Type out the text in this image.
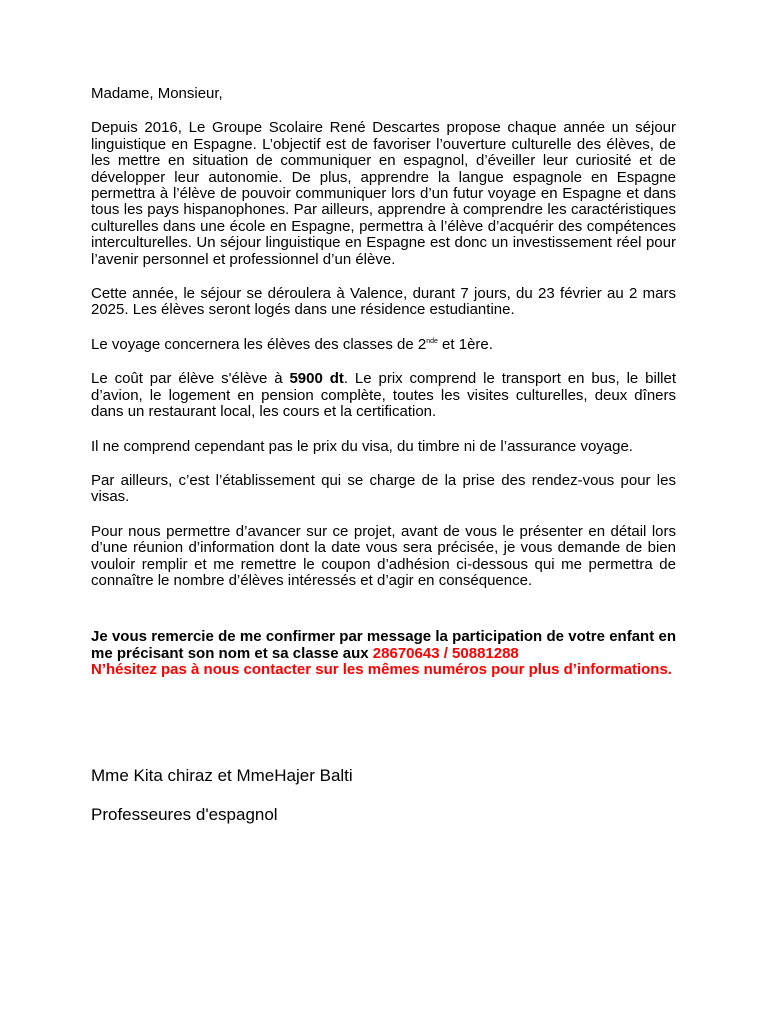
Madame, Monsieur,

Depuis 2016, Le Groupe Scolaire René Descartes propose chaque année un séjour linguistique en Espagne. L’objectif est de favoriser l’ouverture culturelle des élèves, de les mettre en situation de communiquer en espagnol, d’éveiller leur curiosité et de développer leur autonomie. De plus, apprendre la langue espagnole en Espagne permettra à l’élève de pouvoir communiquer lors d’un futur voyage en Espagne et dans tous les pays hispanophones. Par ailleurs, apprendre à comprendre les caractéristiques culturelles dans une école en Espagne, permettra à l’élève d’acquérir des compétences interculturelles. Un séjour linguistique en Espagne est donc un investissement réel pour l’avenir personnel et professionnel d’un élève.

Cette année, le séjour se déroulera à Valence, durant 7 jours, du 23 février au 2 mars 2025. Les élèves seront logés dans une résidence estudiantine.

Le voyage concernera les élèves des classes de 2nde et 1ère.

Le coût par élève s'élève à 5900 dt. Le prix comprend le transport en bus, le billet d’avion, le logement en pension complète, toutes les visites culturelles, deux dîners dans un restaurant local, les cours et la certification.

Il ne comprend cependant pas le prix du visa, du timbre ni de l’assurance voyage.

Par ailleurs, c’est l’établissement qui se charge de la prise des rendez-vous pour les visas.

Pour nous permettre d’avancer sur ce projet, avant de vous le présenter en détail lors d’une réunion d’information dont la date vous sera précisée, je vous demande de bien vouloir remplir et me remettre le coupon d’adhésion ci-dessous qui me permettra de connaître le nombre d’élèves intéressés et d’agir en conséquence.

Je vous remercie de me confirmer par message la participation de votre enfant en me précisant son nom et sa classe aux 28670643 / 50881288

N’hésitez pas à nous contacter sur les mêmes numéros pour plus d’informations.

Mme Kita chiraz et MmeHajer Balti
Professeures d'espagnol
